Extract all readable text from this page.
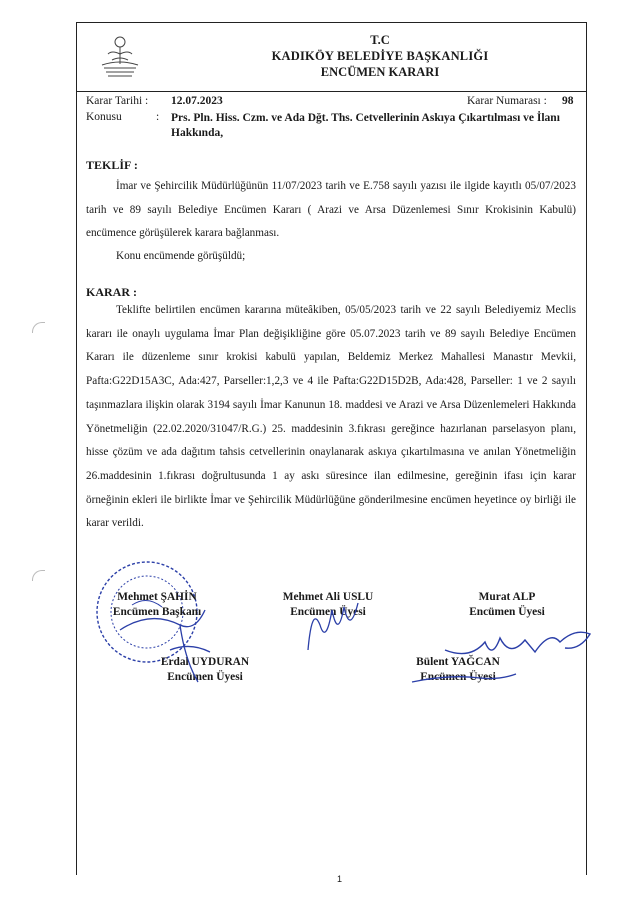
T.C
KADIKÖY BELEDİYE BAŞKANLIĞI
ENCÜMEN KARARI
Karar Tarihi : 12.07.2023	Karar Numarası : 98
Konusu	: Prs. Pln. Hiss. Czm. ve Ada Dğt. Ths. Cetvellerinin Askıya Çıkartılması ve İlanı Hakkında,
TEKLİF :

İmar ve Şehircilik Müdürlüğünün 11/07/2023 tarih ve E.758 sayılı yazısı ile ilgide kayıtlı 05/07/2023 tarih ve 89 sayılı Belediye Encümen Kararı ( Arazi ve Arsa Düzenlemesi Sınır Krokisinin Kabulü) encümence görüşülerek karara bağlanması.

Konu encümende görüşüldü;

KARAR :

Teklifte belirtilen encümen kararına müteâkiben, 05/05/2023 tarih ve 22 sayılı Belediyemiz Meclis kararı ile onaylı uygulama İmar Plan değişikliğine göre 05.07.2023 tarih ve 89 sayılı Belediye Encümen Kararı ile düzenleme sınır krokisi kabulü yapılan, Beldemiz Merkez Mahallesi Manastır Mevkii, Pafta:G22D15A3C, Ada:427, Parseller:1,2,3 ve 4 ile Pafta:G22D15D2B, Ada:428, Parseller: 1 ve 2 sayılı taşınmazlara ilişkin olarak 3194 sayılı İmar Kanunun 18. maddesi ve Arazi ve Arsa Düzenlemeleri Hakkında Yönetmeliğin (22.02.2020/31047/R.G.) 25. maddesinin 3.fıkrası gereğince hazırlanan parselasyon planı, hisse çözüm ve ada dağıtım tahsis cetvellerinin onaylanarak askıya çıkartılmasına ve anılan Yönetmeliğin 26.maddesinin 1.fıkrası doğrultusunda 1 ay askı süresince ilan edilmesine, gereğinin ifası için karar örneğinin ekleri ile birlikte İmar ve Şehircilik Müdürlüğüne gönderilmesine encümen heyetince oy birliği ile karar verildi.

Mehmet ŞAHİN
Encümen Başkanı
Mehmet Ali USLU
Encümen Üyesi
Murat ALP
Encümen Üyesi
Erdal UYDURAN
Encümen Üyesi
Bülent YAĞCAN
Encümen Üyesi
1
